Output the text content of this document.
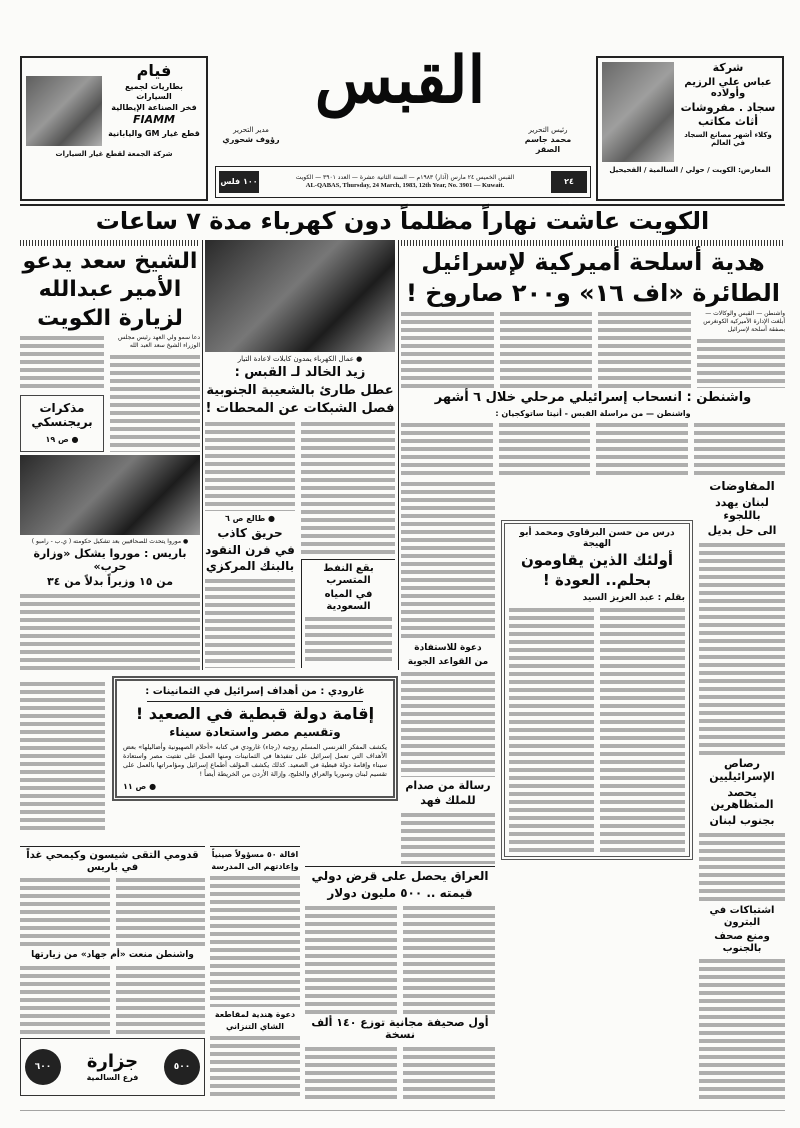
شركة
عباس علي الرزيم وأولاده
سجاد . مفروشات
أثاث مكاتب
وكلاء أشهر مصانع السجاد في العالم
المعارض: الكويت / حولي / السالمية / الفحيحيل
فيام
بطاريات لجميع السيارات
فخر الصناعة الإيطالية
FIAMM
قطع غيار GM واليابانية
شركة الجمعة لقطع غيار السيارات
القبس
رئيس التحرير
محمد جاسم الصقر
مدير التحرير
رؤوف شحوري
٢٤
القبس الخميس ٢٤ مارس (آذار) ١٩٨٣م — السنة الثانية عشرة — العدد ٣٩٠١ — الكويت
AL-QABAS, Thursday, 24 March, 1983, 12th Year, No. 3901 — Kuwait.
١٠٠ فلس
الكويت عاشت نهاراً مظلماً دون كهرباء مدة ٧ ساعات
هدية أسلحة أميركية لإسرائيل
الطائرة «اف ١٦» و٢٠٠ صاروخ !
واشنطن — القبس والوكالات — أبلغت الإدارة الأميركية الكونغرس بصفقة أسلحة لإسرائيل
واشنطن : انسحاب إسرائيلي مرحلي خلال ٦ أشهر
واشنطن — من مراسلة القبس - أنيتا ساتوكجيان :
المفاوضات
لبنان يهدد باللجوء
الى حل بديل
رصاص الإسرائيليين
يحصد المتظاهرين
بجنوب لبنان
اشتباكات في البترون
ومنع صحف بالجنوب
درس من حسن البرقاوي ومحمد أبو الهيجة
أولئك الذين يقاومون
بحلم.. العودة !
بقلم : عبد العزيز السيد
دعوة للاستفادة
من القواعد الجوية
رسالة من صدام
للملك فهد
العراق يحصل على قرض دولي
قيمته .. ٥٠٠ مليون دولار
أول صحيفة مجانية توزع ١٤٠ ألف نسخة
● عمال الكهرباء يمدون كابلات لاعادة التيار
زيد الخالد لـ القبس :
عطل طارئ بالشعيبة الجنوبية
فصل الشبكات عن المحطات !
بقع النفط المتسرب
في المياه السعودية
● طالع ص ٦
حريق كاذب
في فرن النقود
بالبنك المركزي
الشيخ سعد يدعو
الأمير عبدالله
لزيارة الكويت
دعا سمو ولي العهد رئيس مجلس الوزراء الشيخ سعد العبد الله
مذكرات بريجنسكي
● ص ١٩
● موروا يتحدث للصحافيين بعد تشكيل حكومته ( ي.ب - رامبو )
باريس : موروا يشكل «وزارة حرب»
من ١٥ وزيراً بدلاً من ٣٤
غارودي : من أهداف إسرائيل في الثمانينات :
إقامة دولة قبطية في الصعيد !
وتقسيم مصر واستعادة سيناء
يكشف المفكر الفرنسي المسلم روجيه (رجاء) غارودي في كتابه «أحلام الصهيونية وأضاليلها» بعض الأهداف التي تعمل إسرائيل على تنفيذها في الثمانينات ومنها العمل على تفتيت مصر واستعادة سيناء وإقامة دولة قبطية في الصعيد. كذلك يكشف المؤلف أطماع إسرائيل ومؤامراتها بالعمل على تقسيم لبنان وسوريا والعراق والخليج، وإزالة الأردن من الخريطة أيضاً !
● ص ١١
قدومي التقى شيسون وكيمحي غداً في باريس
واشنطن منعت «أم جهاد» من زيارتها
٥٠٠
جزارة
فرع السالمية
٦٠٠
اقالة ٥٠ مسؤولاً صينياً
وإعادتهم الى المدرسة
دعوة هندية لمقاطعة
الشاي التنزاني
